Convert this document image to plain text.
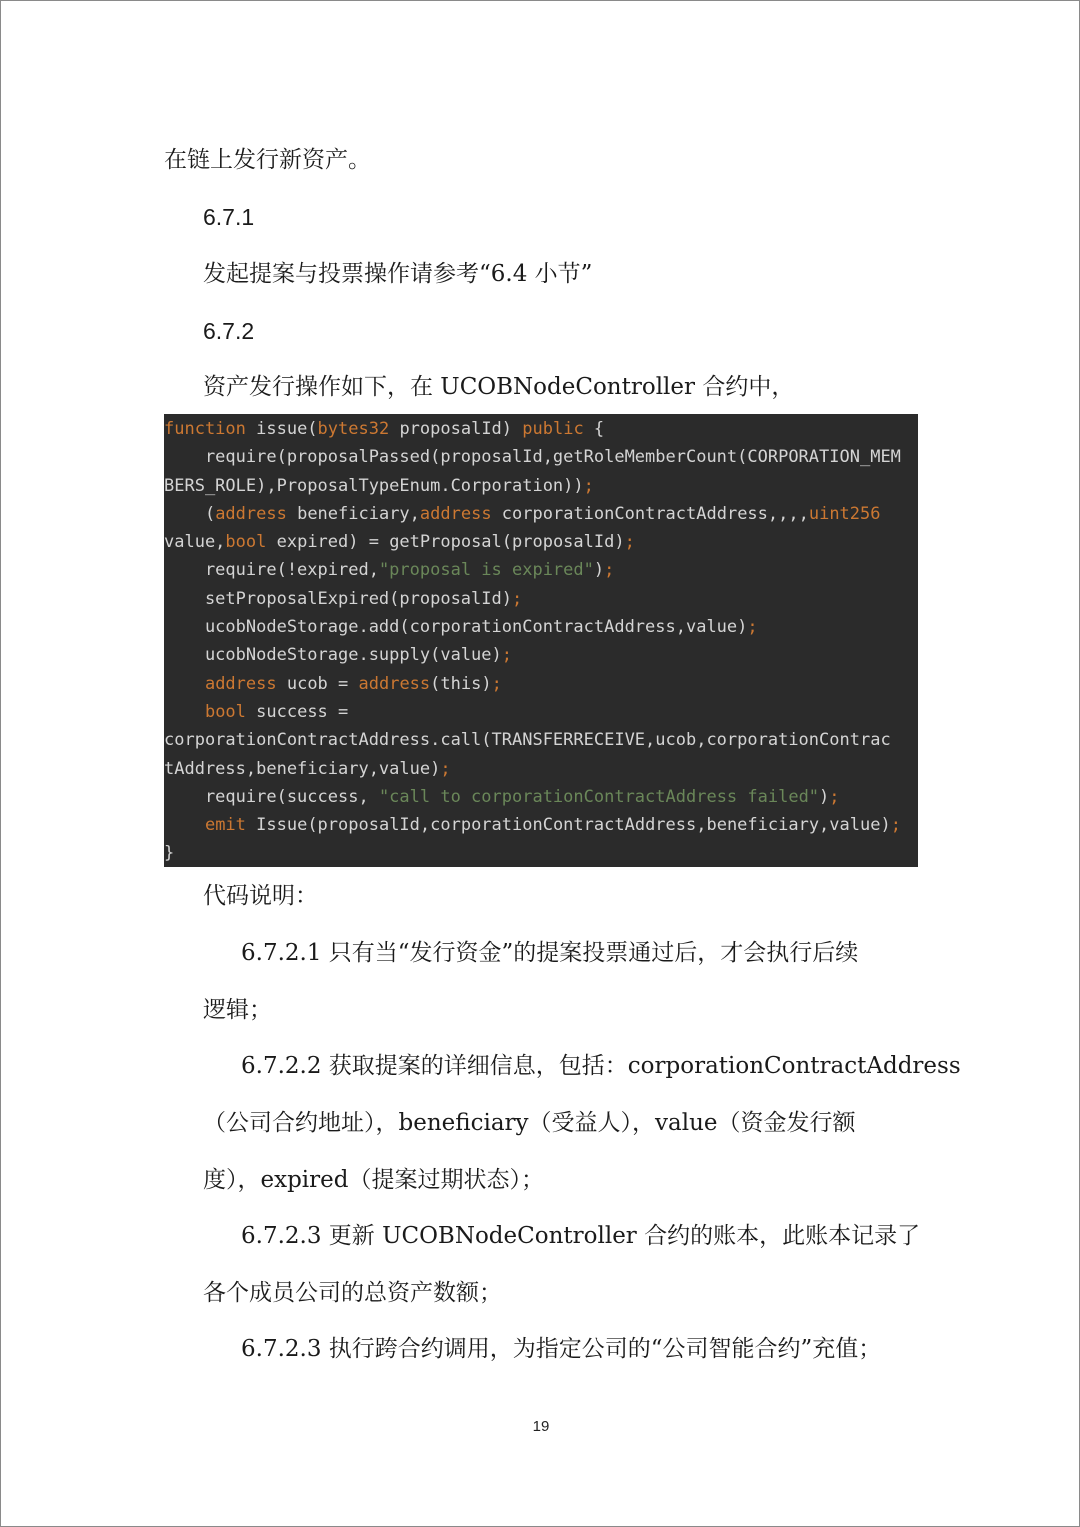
在链上发行新资产。
6.7.1
发起提案与投票操作请参考“6.4 小节”
6.7.2
资产发行操作如下，在 UCOBNodeController 合约中，
function issue(bytes32 proposalId) public {
require(proposalPassed(proposalId,getRoleMemberCount(CORPORATION_MEM
BERS_ROLE),ProposalTypeEnum.Corporation));
(address beneficiary,address corporationContractAddress,,,,uint256
value,bool expired) = getProposal(proposalId);
require(!expired,"proposal is expired");
setProposalExpired(proposalId);
ucobNodeStorage.add(corporationContractAddress,value);
ucobNodeStorage.supply(value);
address ucob = address(this);
bool success =
corporationContractAddress.call(TRANSFERRECEIVE,ucob,corporationContrac
tAddress,beneficiary,value);
require(success, "call to corporationContractAddress failed");
emit Issue(proposalId,corporationContractAddress,beneficiary,value);
}
代码说明：
6.7.2.1 只有当“发行资金”的提案投票通过后，才会执行后续
逻辑；
6.7.2.2 获取提案的详细信息，包括：corporationContractAddress
（公司合约地址），beneficiary（受益人），value（资金发行额
度），expired（提案过期状态）；
6.7.2.3 更新 UCOBNodeController 合约的账本，此账本记录了
各个成员公司的总资产数额；
6.7.2.3 执行跨合约调用，为指定公司的“公司智能合约”充值；
19
